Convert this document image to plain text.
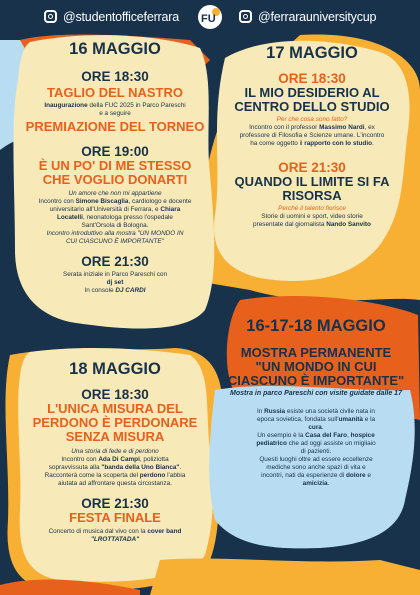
@studentofficeferrara FU	@ferrarauniversitycup
16 MAGGIO
ORE 18:30
TAGLIO DEL NASTRO
Inaugurazione della FUC 2025 in Parco Pareschi
e a seguire
PREMIAZIONE DEL TORNEO
ORE 19:00
È UN PO' DI ME STESSO
CHE VOGLIO DONARTI
Un amore che non mi appartiene
Incontro con Simone Biscaglia, cardiologo e docente
universitario all'Università di Ferrara, e Chiara
Locatelli, neonatologa presso l'ospedale
Sant'Orsola di Bologna.
Incontro introduttivo alla mostra "UN MONDO IN
CUI CIASCUNO È IMPORTANTE"
ORE 21:30
Serata iniziale in Parco Pareschi con
dj set
In console DJ CARDI
17 MAGGIO
ORE 18:30
IL MIO DESIDERIO AL
CENTRO DELLO STUDIO
Per che cosa sono fatto?
Incontro con il professor Massimo Nardi, ex
professore di Filosofia e Scienze umane. L'incontro
ha come oggetto il rapporto con lo studio.
ORE 21:30
QUANDO IL LIMITE SI FA
RISORSA
Perché il talento fiorisce
Storie di uomini e sport, video storie
presentate dal giornalista Nando Sanvito
16-17-18 MAGGIO
MOSTRA PERMANENTE
"UN MONDO IN CUI
CIASCUNO È IMPORTANTE"
Mostra in parco Pareschi con visite guidate dalle 17
In Russia esiste una società civile nata in
epoca sovietica, fondata sull'umanità e la
cura.
Un esempio è la Casa del Faro, hospice
pediatrico che ad oggi assiste un migliaio
di pazienti.
Questi luoghi oltre ad essere eccellenze
mediche sono anche spazi di vita e
incontri, nati da esperienze di dolore e
amicizia.
18 MAGGIO
ORE 18:30
L'UNICA MISURA DEL
PERDONO È PERDONARE
SENZA MISURA
Una storia di fede e di perdono
Incontro con Ada Di Campi, poliziotta
sopravvissuta alla "banda della Uno Bianca".
Racconterà come la scoperta del perdono l'abbia
aiutata ad affrontare questa circostanza.
ORE 21:30
FESTA FINALE
Concerto di musica dal vivo con la cover band
"LROTTATADA"
